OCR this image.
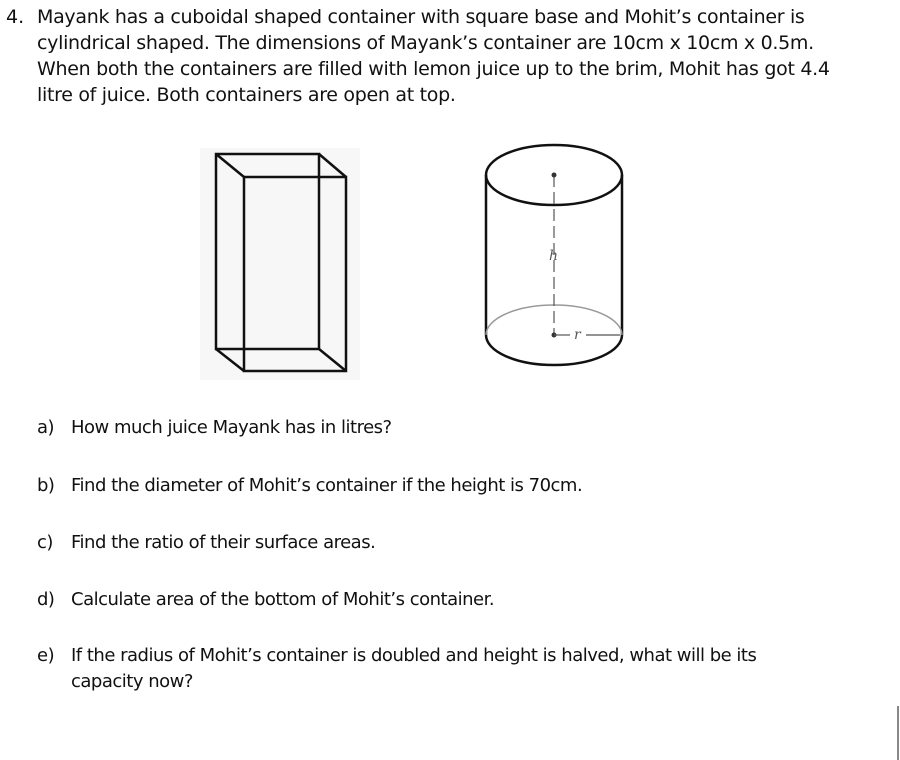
4. Mayank has a cuboidal shaped container with square base and Mohit’s container is
cylindrical shaped. The dimensions of Mayank’s container are 10cm x 10cm x 0.5m.
When both the containers are filled with lemon juice up to the brim, Mohit has got 4.4
litre of juice. Both containers are open at top.
h
r
a) How much juice Mayank has in litres?
b) Find the diameter of Mohit’s container if the height is 70cm.
c) Find the ratio of their surface areas.
d) Calculate area of the bottom of Mohit’s container.
e) If the radius of Mohit’s container is doubled and height is halved, what will be its
capacity now?
